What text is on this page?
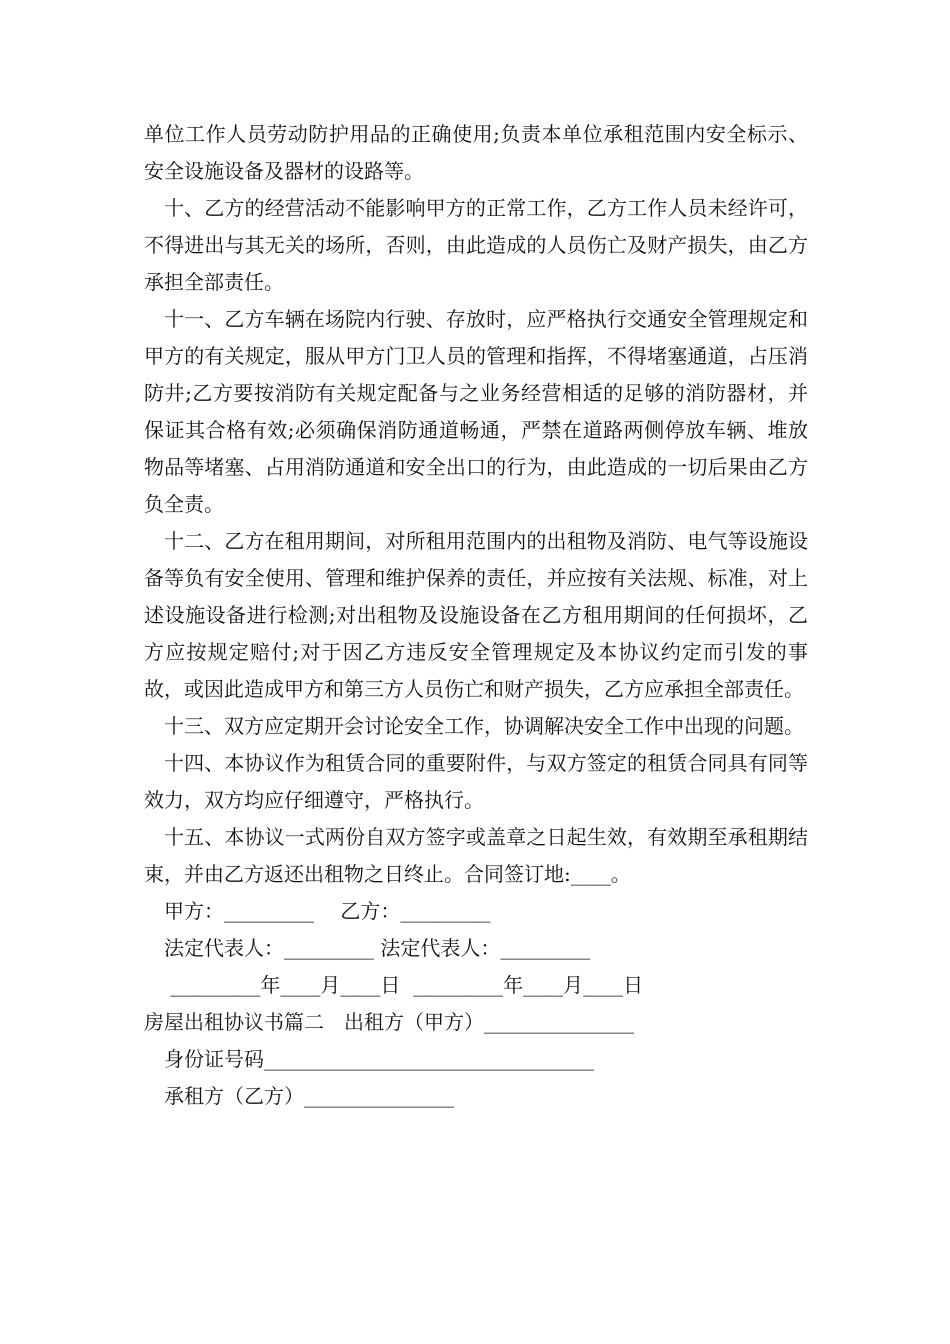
单位工作人员劳动防护用品的正确使用;负责本单位承租范围内安全标示、安全设施设备及器材的设路等。

十、乙方的经营活动不能影响甲方的正常工作，乙方工作人员未经许可，不得进出与其无关的场所，否则，由此造成的人员伤亡及财产损失，由乙方承担全部责任。

十一、乙方车辆在场院内行驶、存放时，应严格执行交通安全管理规定和甲方的有关规定，服从甲方门卫人员的管理和指挥，不得堵塞通道，占压消防井;乙方要按消防有关规定配备与之业务经营相适的足够的消防器材，并保证其合格有效;必须确保消防通道畅通，严禁在道路两侧停放车辆、堆放物品等堵塞、占用消防通道和安全出口的行为，由此造成的一切后果由乙方负全责。

十二、乙方在租用期间，对所租用范围内的出租物及消防、电气等设施设备等负有安全使用、管理和维护保养的责任，并应按有关法规、标准，对上述设施设备进行检测;对出租物及设施设备在乙方租用期间的任何损坏，乙方应按规定赔付;对于因乙方违反安全管理规定及本协议约定而引发的事故，或因此造成甲方和第三方人员伤亡和财产损失，乙方应承担全部责任。

十三、双方应定期开会讨论安全工作，协调解决安全工作中出现的问题。

十四、本协议作为租赁合同的重要附件，与双方签定的租赁合同具有同等效力，双方均应仔细遵守，严格执行。

十五、本协议一式两份自双方签字或盖章之日起生效，有效期至承租期结束，并由乙方返还出租物之日终止。合同签订地:____。

甲方：_________　 乙方：_________

法定代表人：_________ 法定代表人：_________

_________年____月____日  _________年____月____日

房屋出租协议书篇二　出租方（甲方）_______________

身份证号码_________________________________

承租方（乙方）_______________
